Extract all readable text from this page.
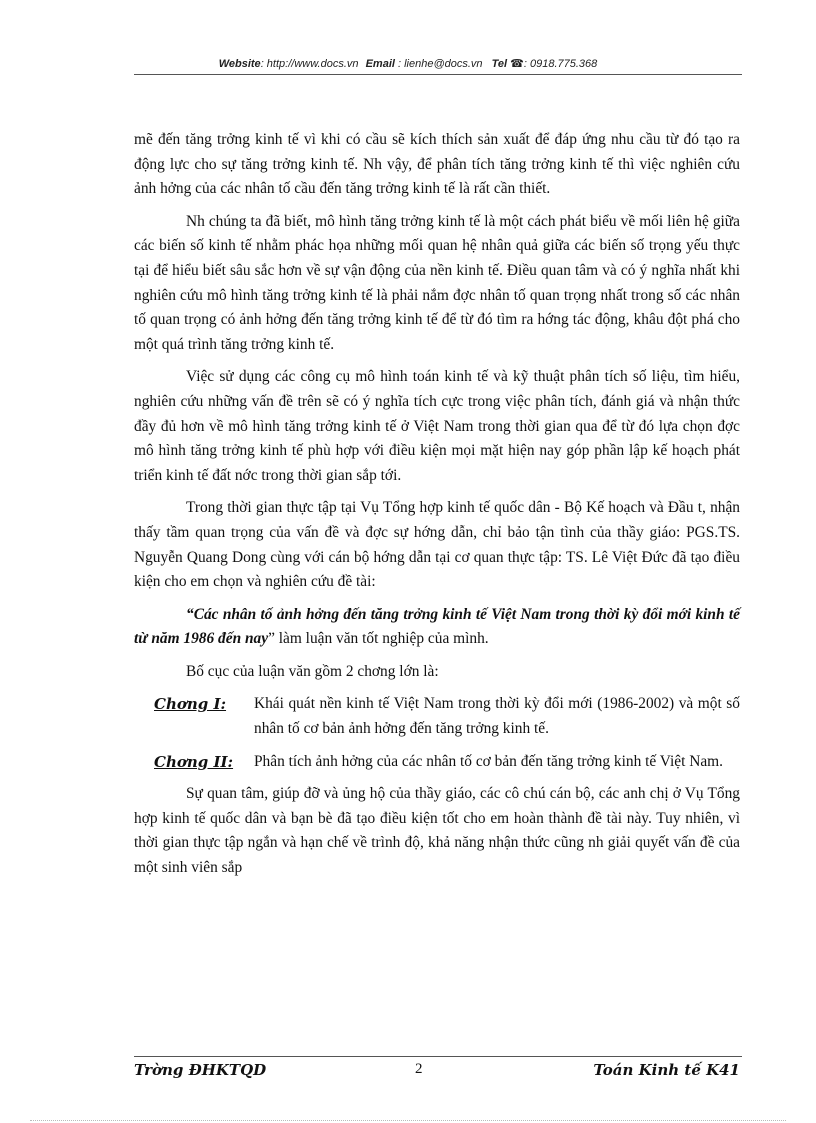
Website: http://www.docs.vn Email : lienhe@docs.vn Tel ☎: 0918.775.368

mẽ đến tăng trởng kinh tế vì khi có cầu sẽ kích thích sản xuất để đáp ứng nhu cầu từ đó tạo ra động lực cho sự tăng trởng kinh tế. Nh vậy, để phân tích tăng trởng kinh tế thì việc nghiên cứu ảnh hởng của các nhân tố cầu đến tăng trởng kinh tế là rất cần thiết.

Nh chúng ta đã biết, mô hình tăng trởng kinh tế là một cách phát biểu về mối liên hệ giữa các biến số kinh tế nhằm phác họa những mối quan hệ nhân quả giữa các biến số trọng yếu thực tại để hiểu biết sâu sắc hơn về sự vận động của nền kinh tế. Điều quan tâm và có ý nghĩa nhất khi nghiên cứu mô hình tăng trởng kinh tế là phải nắm đợc nhân tố quan trọng nhất trong số các nhân tố quan trọng có ảnh hởng đến tăng trởng kinh tế để từ đó tìm ra hớng tác động, khâu đột phá cho một quá trình tăng trởng kinh tế.

Việc sử dụng các công cụ mô hình toán kinh tế và kỹ thuật phân tích số liệu, tìm hiểu, nghiên cứu những vấn đề trên sẽ có ý nghĩa tích cực trong việc phân tích, đánh giá và nhận thức đầy đủ hơn về mô hình tăng trởng kinh tế ở Việt Nam trong thời gian qua để từ đó lựa chọn đợc mô hình tăng trởng kinh tế phù hợp với điều kiện mọi mặt hiện nay góp phần lập kế hoạch phát triển kinh tế đất nớc trong thời gian sắp tới.

Trong thời gian thực tập tại Vụ Tổng hợp kinh tế quốc dân - Bộ Kế hoạch và Đầu t, nhận thấy tầm quan trọng của vấn đề và đợc sự hớng dẫn, chỉ bảo tận tình của thầy giáo: PGS.TS. Nguyễn Quang Dong cùng với cán bộ hớng dẫn tại cơ quan thực tập: TS. Lê Việt Đức đã tạo điều kiện cho em chọn và nghiên cứu đề tài:

“Các nhân tố ảnh hởng đến tăng trởng kinh tế Việt Nam trong thời kỳ đổi mới kinh tế từ năm 1986 đến nay” làm luận văn tốt nghiệp của mình.

Bố cục của luận văn gồm 2 chơng lớn là:

Chơng I:	Khái quát nền kinh tế Việt Nam trong thời kỳ đổi mới (1986-2002) và một số nhân tố cơ bản ảnh hởng đến tăng trởng kinh tế.
Chơng II:	Phân tích ảnh hởng của các nhân tố cơ bản đến tăng trởng kinh tế Việt Nam.

Sự quan tâm, giúp đỡ và ủng hộ của thầy giáo, các cô chú cán bộ, các anh chị ở Vụ Tổng hợp kinh tế quốc dân và bạn bè đã tạo điều kiện tốt cho em hoàn thành đề tài này. Tuy nhiên, vì thời gian thực tập ngắn và hạn chế về trình độ, khả năng nhận thức cũng nh giải quyết vấn đề của một sinh viên sắp

Trờng ĐHKTQD	2	Toán Kinh tế K41
